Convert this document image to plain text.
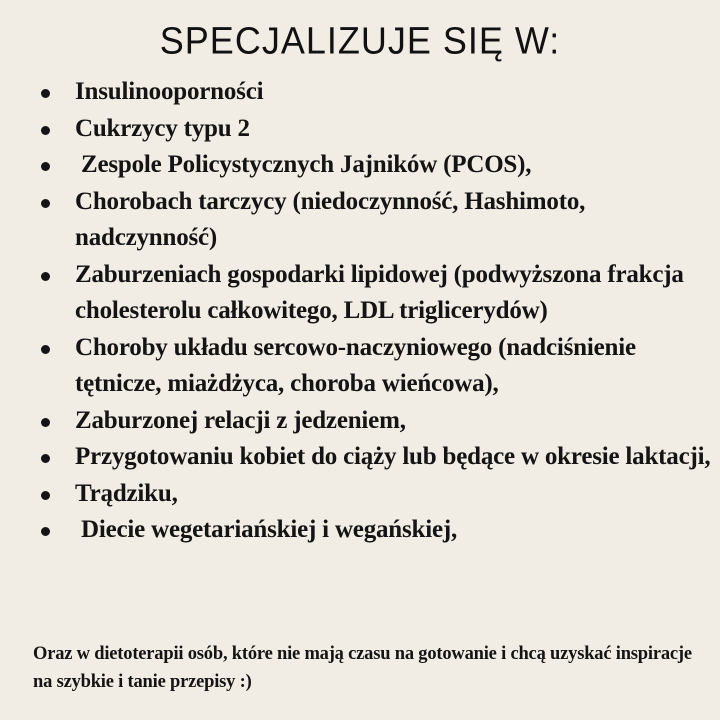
SPECJALIZUJE SIĘ W:
Insulinooporności
Cukrzycy typu 2
Zespole Policystycznych Jajników (PCOS),
Chorobach tarczycy (niedoczynność, Hashimoto, nadczynność)
Zaburzeniach gospodarki lipidowej (podwyższona frakcja cholesterolu całkowitego, LDL triglicerydów)
Choroby układu sercowo-naczyniowego (nadciśnienie tętnicze, miażdżyca, choroba wieńcowa),
Zaburzonej relacji z jedzeniem,
Przygotowaniu kobiet do ciąży lub będące w okresie laktacji,
Trądziku,
Diecie wegetariańskiej i wegańskiej,
Oraz w dietoterapii osób, które nie mają czasu na gotowanie i chcą uzyskać inspiracje na szybkie i tanie przepisy :)
